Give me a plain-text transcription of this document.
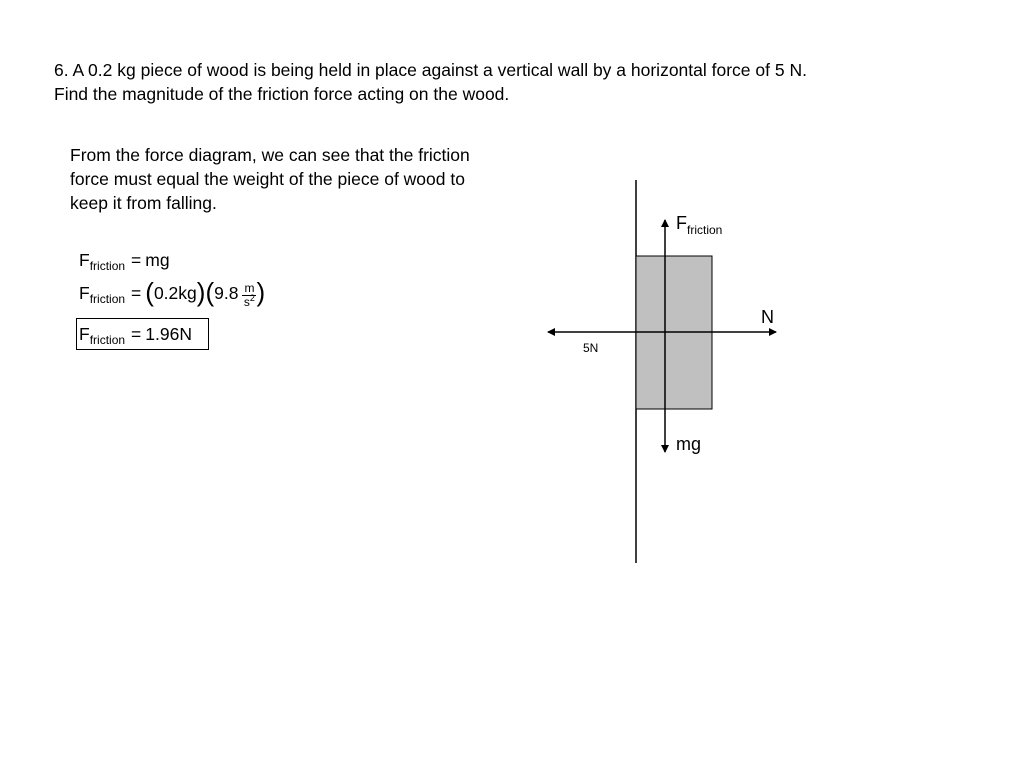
6. A 0.2 kg piece of wood is being held in place against a vertical wall by a horizontal force of 5 N.
Find the magnitude of the friction force acting on the wood.
From the force diagram, we can see that the friction force must equal the weight of the piece of wood to keep it from falling.
$F_{friction}$ = mg
$F_{friction} = (0.2kg)(9.8 \frac{m}{s^2}$ )
$F_{friction} = 1.96N$
$F_{friction}$
N
5N
mg
